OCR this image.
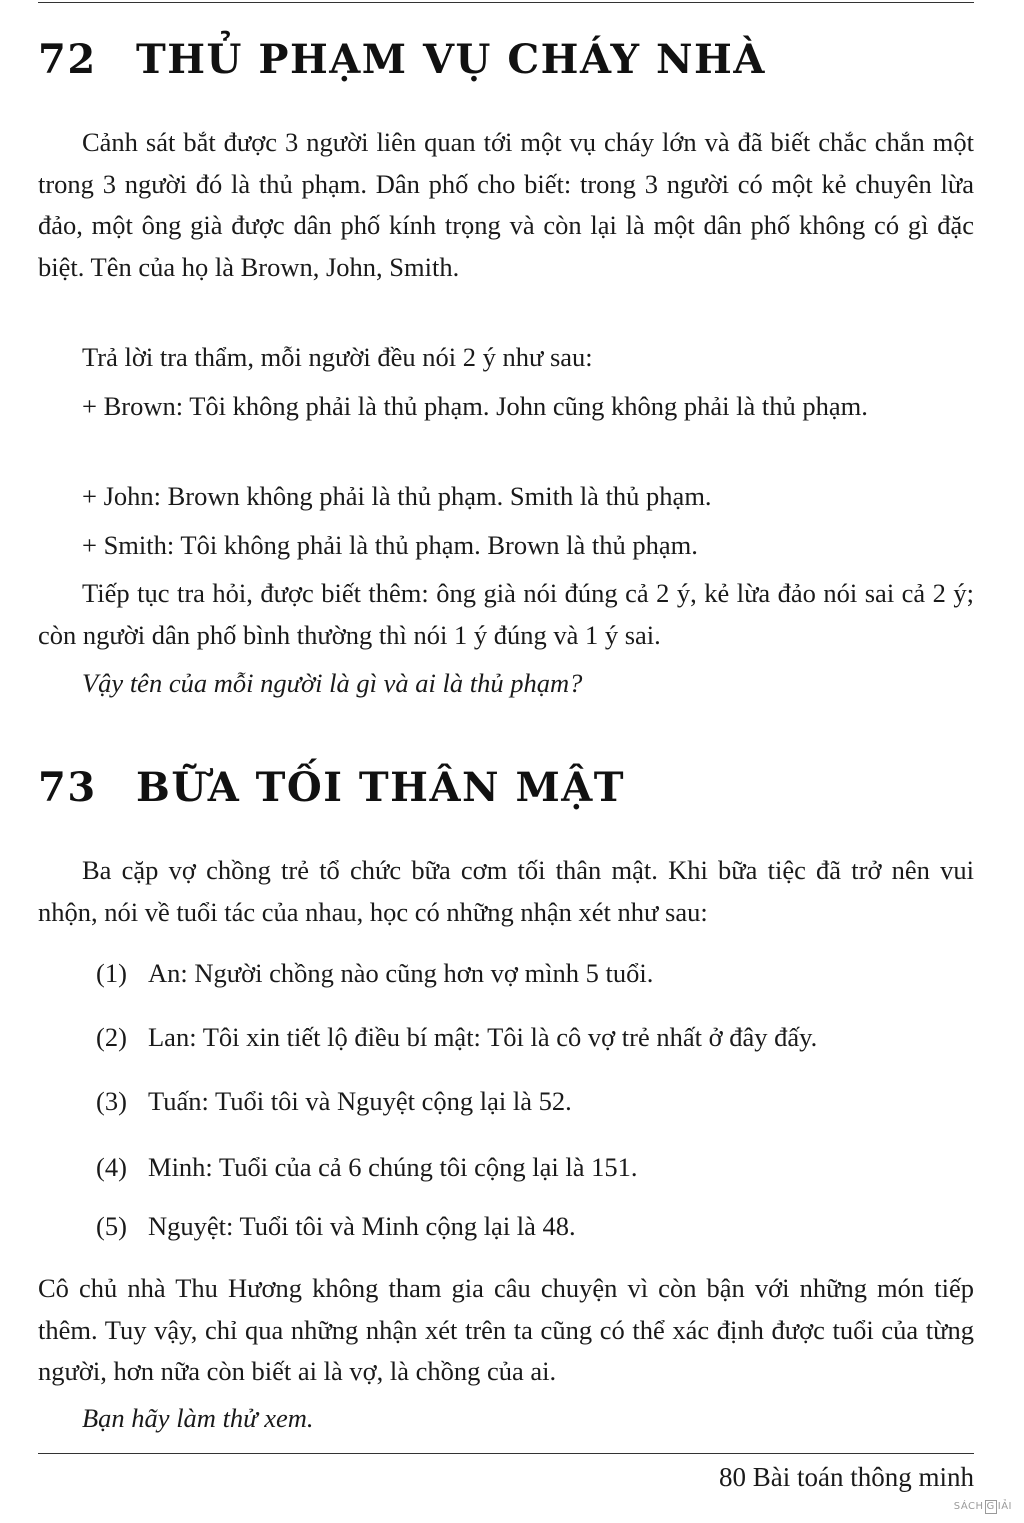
72 THỦ PHẠM VỤ CHÁY NHÀ

Cảnh sát bắt được 3 người liên quan tới một vụ cháy lớn và đã biết chắc chắn một trong 3 người đó là thủ phạm. Dân phố cho biết: trong 3 người có một kẻ chuyên lừa đảo, một ông già được dân phố kính trọng và còn lại là một dân phố không có gì đặc biệt. Tên của họ là Brown, John, Smith.

Trả lời tra thẩm, mỗi người đều nói 2 ý như sau:

+ Brown: Tôi không phải là thủ phạm. John cũng không phải là thủ phạm.

+ John: Brown không phải là thủ phạm. Smith là thủ phạm.

+ Smith: Tôi không phải là thủ phạm. Brown là thủ phạm.

Tiếp tục tra hỏi, được biết thêm: ông già nói đúng cả 2 ý, kẻ lừa đảo nói sai cả 2 ý; còn người dân phố bình thường thì nói 1 ý đúng và 1 ý sai.

Vậy tên của mỗi người là gì và ai là thủ phạm?

73 BỮA TỐI THÂN MẬT

Ba cặp vợ chồng trẻ tổ chức bữa cơm tối thân mật. Khi bữa tiệc đã trở nên vui nhộn, nói về tuổi tác của nhau, học có những nhận xét như sau:

(1) An: Người chồng nào cũng hơn vợ mình 5 tuổi.
(2) Lan: Tôi xin tiết lộ điều bí mật: Tôi là cô vợ trẻ nhất ở đây đấy.
(3) Tuấn: Tuổi tôi và Nguyệt cộng lại là 52.
(4) Minh: Tuổi của cả 6 chúng tôi cộng lại là 151.
(5) Nguyệt: Tuổi tôi và Minh cộng lại là 48.

Cô chủ nhà Thu Hương không tham gia câu chuyện vì còn bận với những món tiếp thêm. Tuy vậy, chỉ qua những nhận xét trên ta cũng có thể xác định được tuổi của từng người, hơn nữa còn biết ai là vợ, là chồng của ai.

Bạn hãy làm thử xem.

80 Bài toán thông minh
SÁCH G IẢI
